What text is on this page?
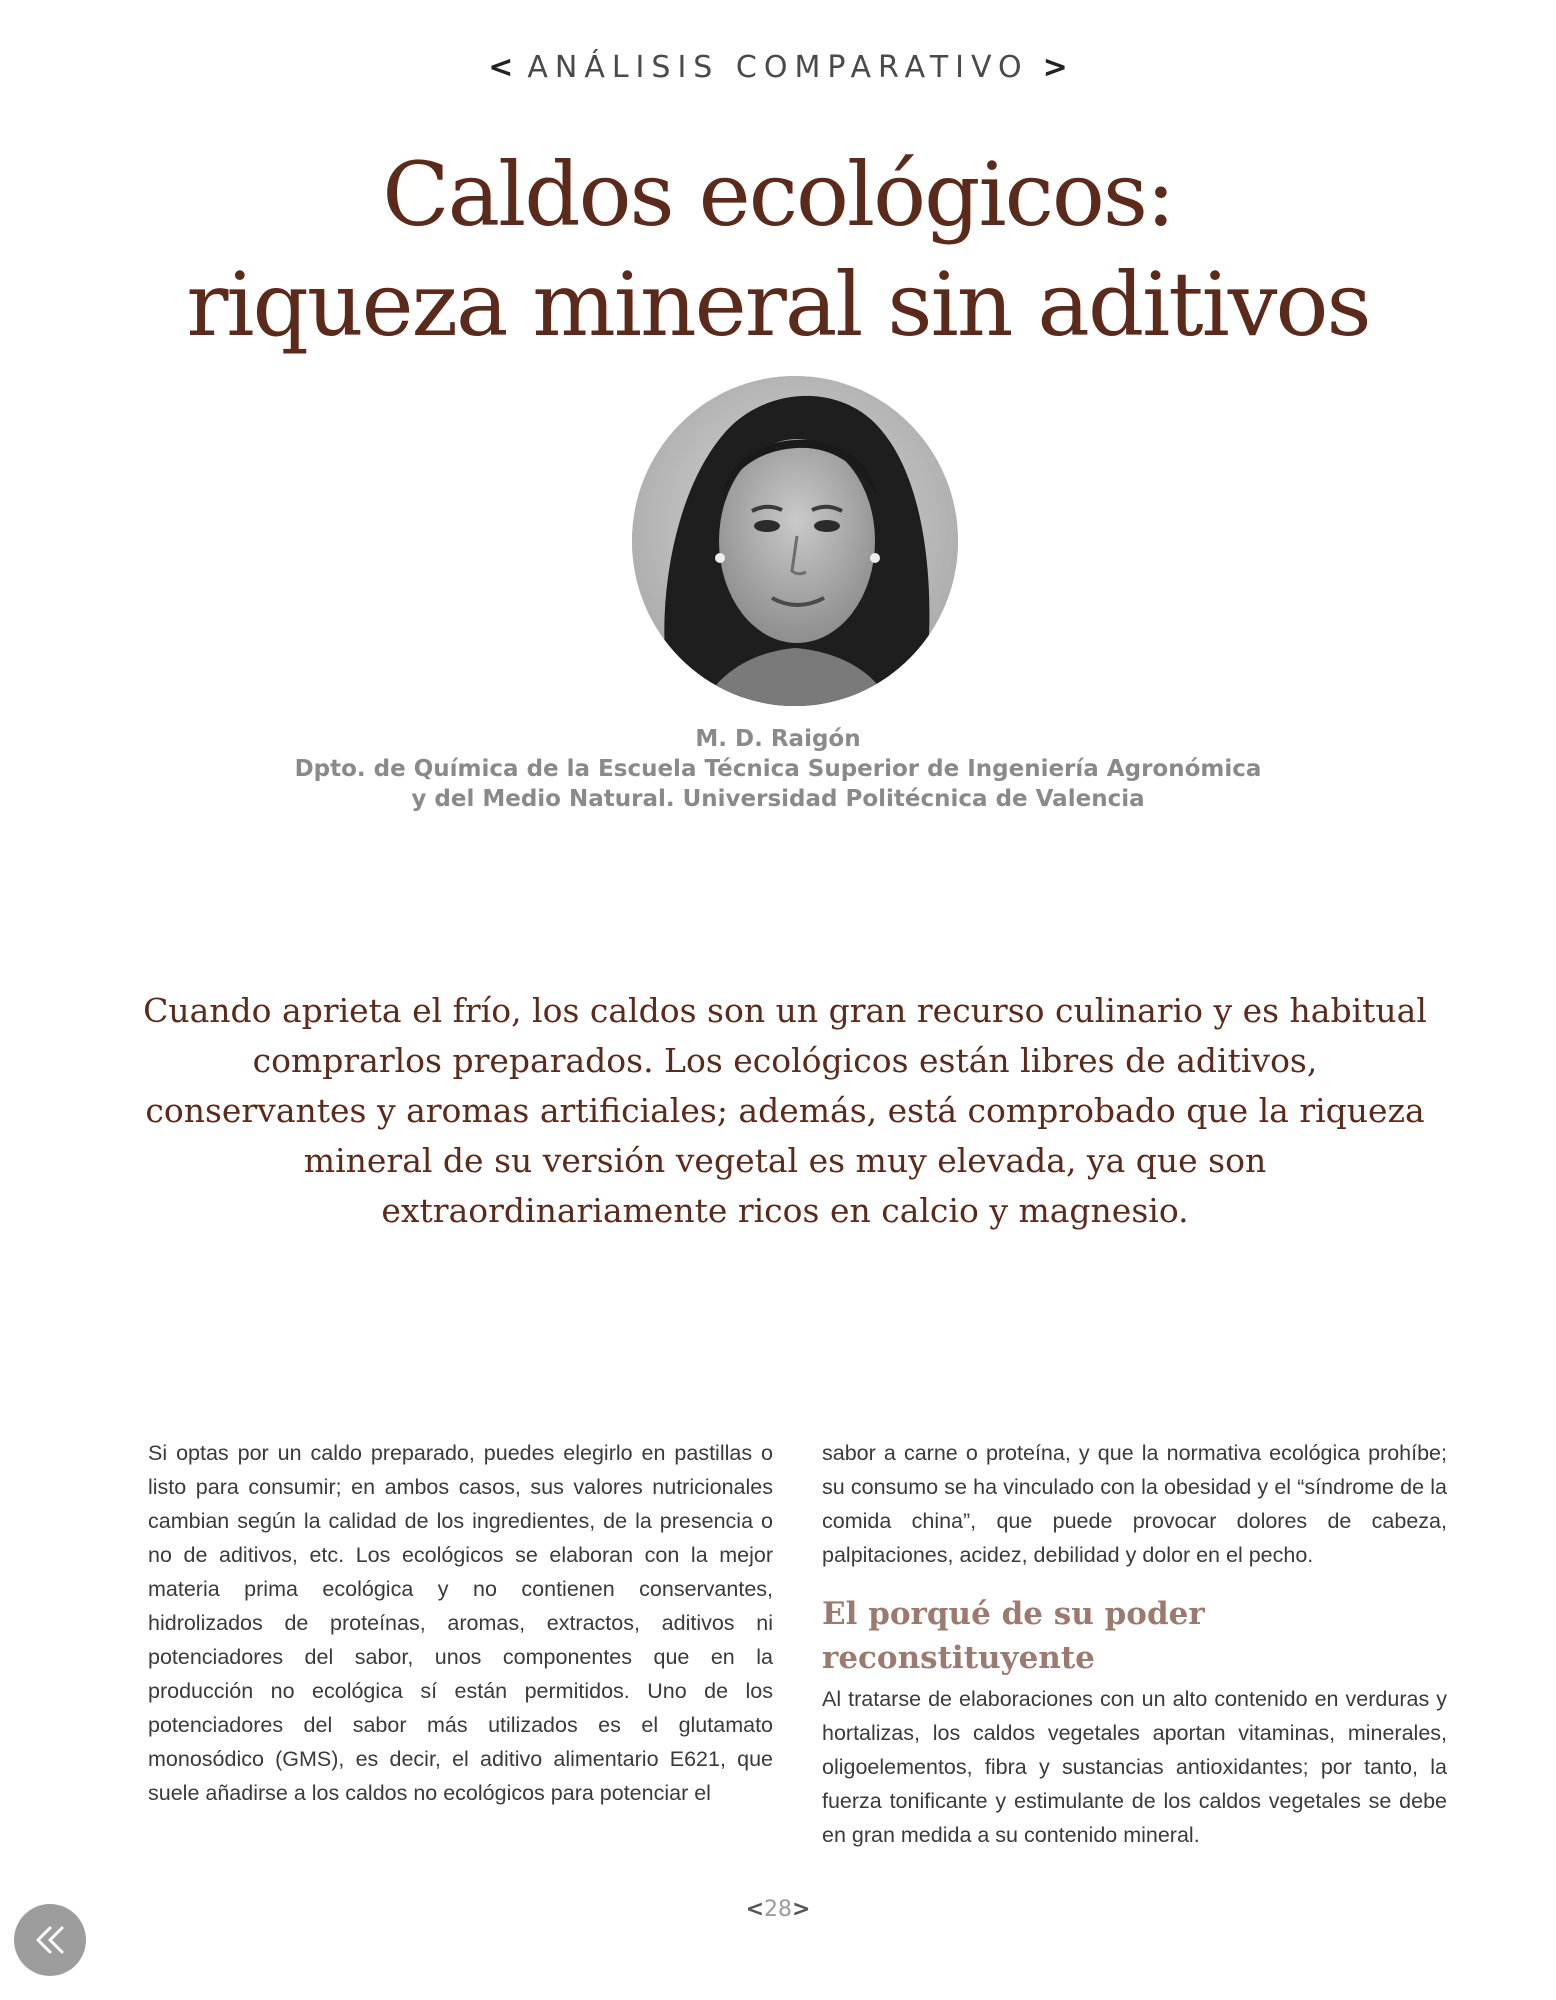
< ANÁLISIS COMPARATIVO >
Caldos ecológicos:
riqueza mineral sin aditivos
M. D. Raigón
Dpto. de Química de la Escuela Técnica Superior de Ingeniería Agronómica
y del Medio Natural. Universidad Politécnica de Valencia
Cuando aprieta el frío, los caldos son un gran recurso culinario y es habitual comprarlos preparados. Los ecológicos están libres de aditivos, conservantes y aromas artificiales; además, está comprobado que la riqueza mineral de su versión vegetal es muy elevada, ya que son extraordinariamente ricos en calcio y magnesio.

Si optas por un caldo preparado, puedes elegirlo en pastillas o listo para consumir; en ambos casos, sus valores nutricionales cambian según la calidad de los ingredientes, de la presencia o no de aditivos, etc. Los ecológicos se elaboran con la mejor materia prima ecológica y no contienen conservantes, hidrolizados de proteínas, aromas, extractos, aditivos ni potenciadores del sabor, unos componentes que en la producción no ecológica sí están permitidos. Uno de los potenciadores del sabor más utilizados es el glutamato monosódico (GMS), es decir, el aditivo alimentario E621, que suele añadirse a los caldos no ecológicos para potenciar el

sabor a carne o proteína, y que la normativa ecológica prohíbe; su consumo se ha vinculado con la obesidad y el “síndrome de la comida china”, que puede provocar dolores de cabeza, palpitaciones, acidez, debilidad y dolor en el pecho.

El porqué de su poder reconstituyente

Al tratarse de elaboraciones con un alto contenido en verduras y hortalizas, los caldos vegetales aportan vitaminas, minerales, oligoelementos, fibra y sustancias antioxidantes; por tanto, la fuerza tonificante y estimulante de los caldos vegetales se debe en gran medida a su contenido mineral.

<28>
